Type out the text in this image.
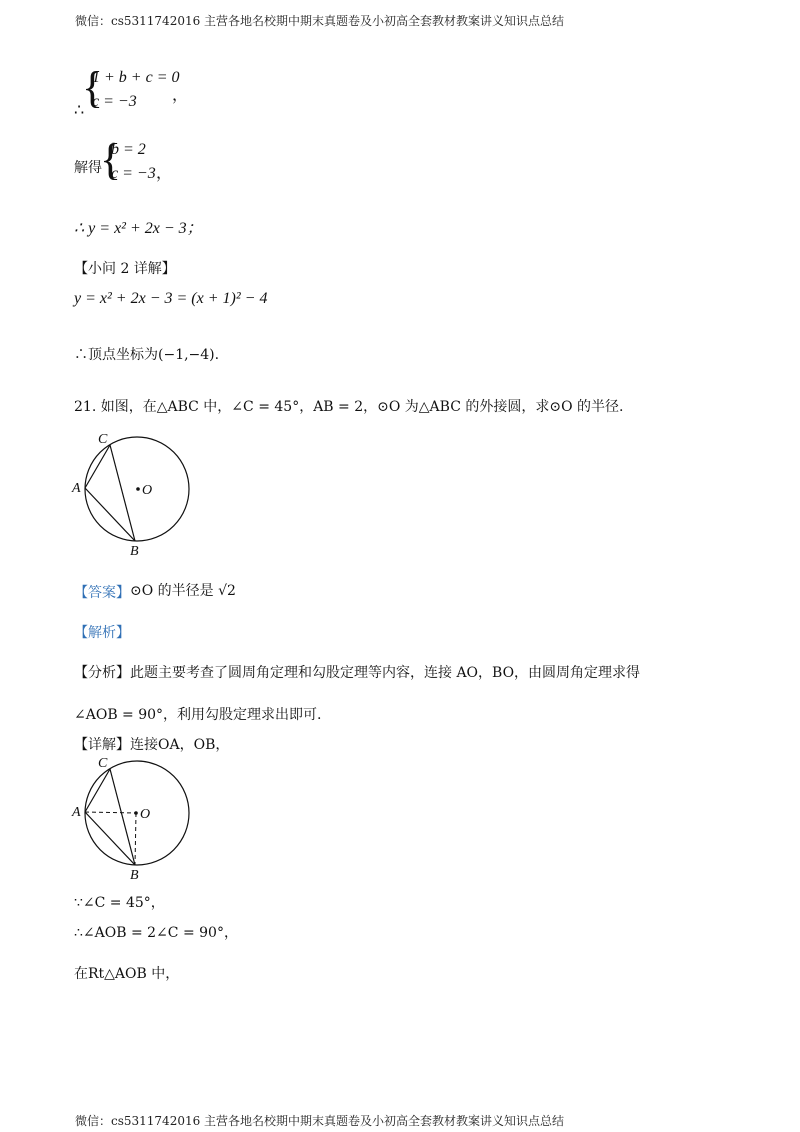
微信：cs5311742016 主营各地名校期中期末真题卷及小初高全套教材教案讲义知识点总结
{
1 + b + c = 0
c = −3 ，
∴
解得
{
b = 2
c = −3 ，
∴ y = x² + 2x − 3；
【小问 2 详解】
y = x² + 2x − 3 = (x + 1)² − 4
∴顶点坐标为(−1,−4).
21. 如图，在△ABC 中，∠C = 45°，AB = 2，⊙O 为△ABC 的外接圆，求⊙O 的半径.
C
A	O
B
【答案】 ⊙O 的半径是 √2
【解析】
【分析】此题主要考查了圆周角定理和勾股定理等内容，连接 AO，BO，由圆周角定理求得
∠AOB = 90°，利用勾股定理求出即可.
【详解】连接OA，OB，
C
A	O
B
∵∠C = 45°，
∴∠AOB = 2∠C = 90°，
在Rt△AOB 中，
微信：cs5311742016 主营各地名校期中期末真题卷及小初高全套教材教案讲义知识点总结
